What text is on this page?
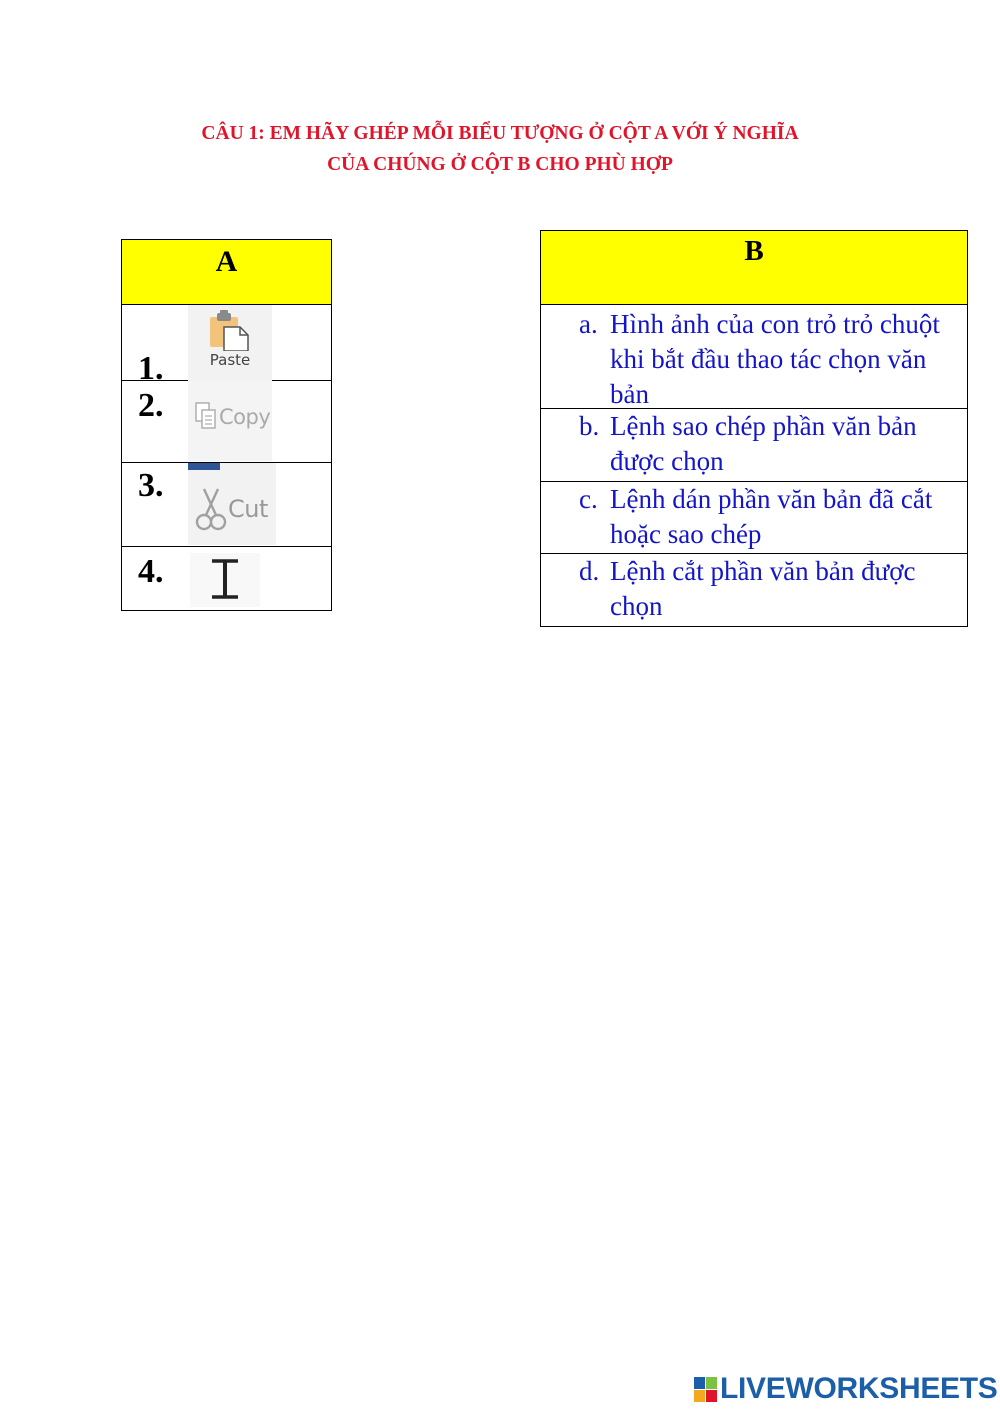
CÂU 1: EM HÃY GHÉP MỖI BIỂU TƯỢNG Ở CỘT A VỚI Ý NGHĨA
CỦA CHÚNG Ở CỘT B CHO PHÙ HỢP
A
Paste
1.
Copy
2.
Cut
3.
4.
B
a. Hình ảnh của con trỏ trỏ chuột khi bắt đầu thao tác chọn văn bản
b. Lệnh sao chép phần văn bản được chọn
c. Lệnh dán phần văn bản đã cắt hoặc sao chép
d. Lệnh cắt phần văn bản được chọn
LIVEWORKSHEETS
